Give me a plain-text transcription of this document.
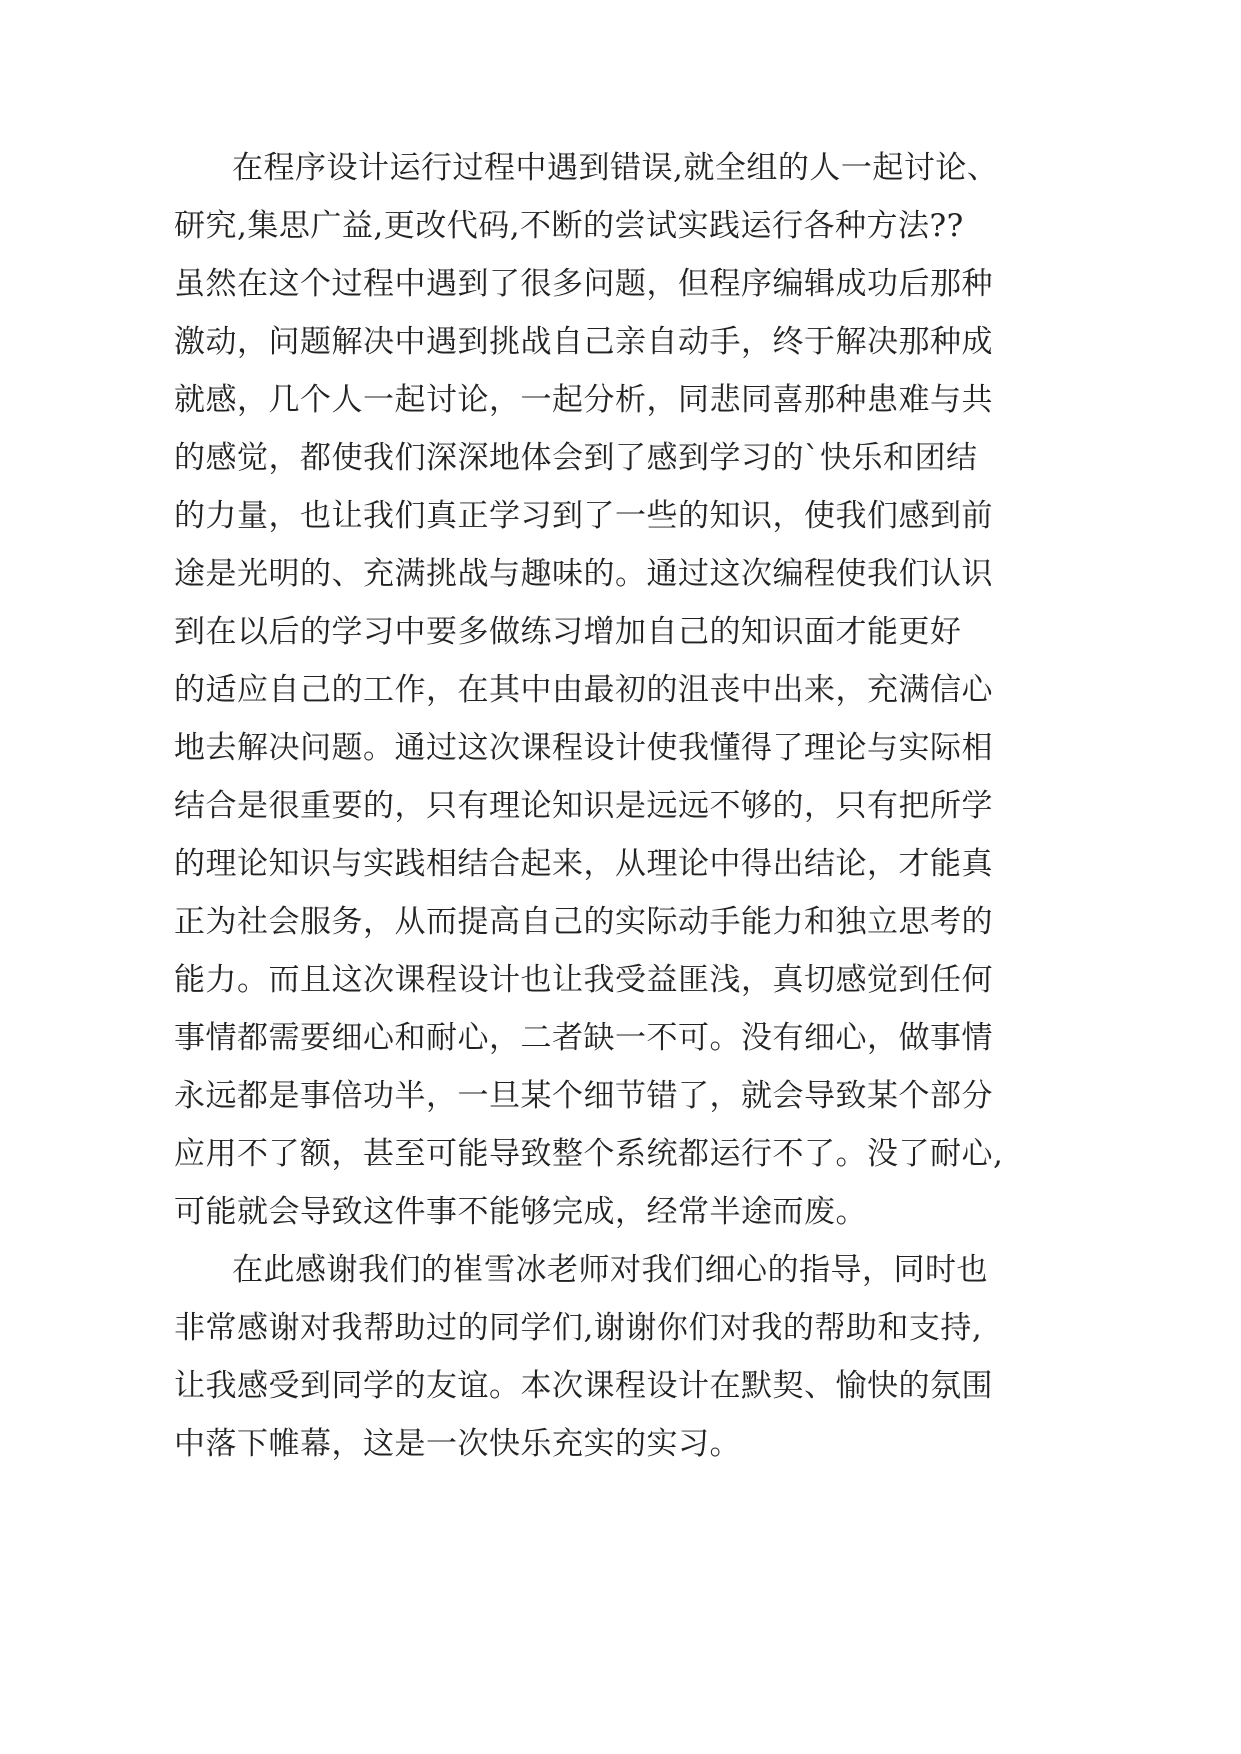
在程序设计运行过程中遇到错误,就全组的人一起讨论、
研究,集思广益,更改代码,不断的尝试实践运行各种方法??
虽然在这个过程中遇到了很多问题，但程序编辑成功后那种
激动，问题解决中遇到挑战自己亲自动手，终于解决那种成
就感，几个人一起讨论，一起分析，同悲同喜那种患难与共
的感觉，都使我们深深地体会到了感到学习的`快乐和团结
的力量，也让我们真正学习到了一些的知识，使我们感到前
途是光明的、充满挑战与趣味的。通过这次编程使我们认识
到在以后的学习中要多做练习增加自己的知识面才能更好
的适应自己的工作，在其中由最初的沮丧中出来，充满信心
地去解决问题。通过这次课程设计使我懂得了理论与实际相
结合是很重要的，只有理论知识是远远不够的，只有把所学
的理论知识与实践相结合起来，从理论中得出结论，才能真
正为社会服务，从而提高自己的实际动手能力和独立思考的
能力。而且这次课程设计也让我受益匪浅，真切感觉到任何
事情都需要细心和耐心，二者缺一不可。没有细心，做事情
永远都是事倍功半，一旦某个细节错了，就会导致某个部分
应用不了额，甚至可能导致整个系统都运行不了。没了耐心,
可能就会导致这件事不能够完成，经常半途而废。
在此感谢我们的崔雪冰老师对我们细心的指导，同时也
非常感谢对我帮助过的同学们,谢谢你们对我的帮助和支持,
让我感受到同学的友谊。本次课程设计在默契、愉快的氛围
中落下帷幕，这是一次快乐充实的实习。
